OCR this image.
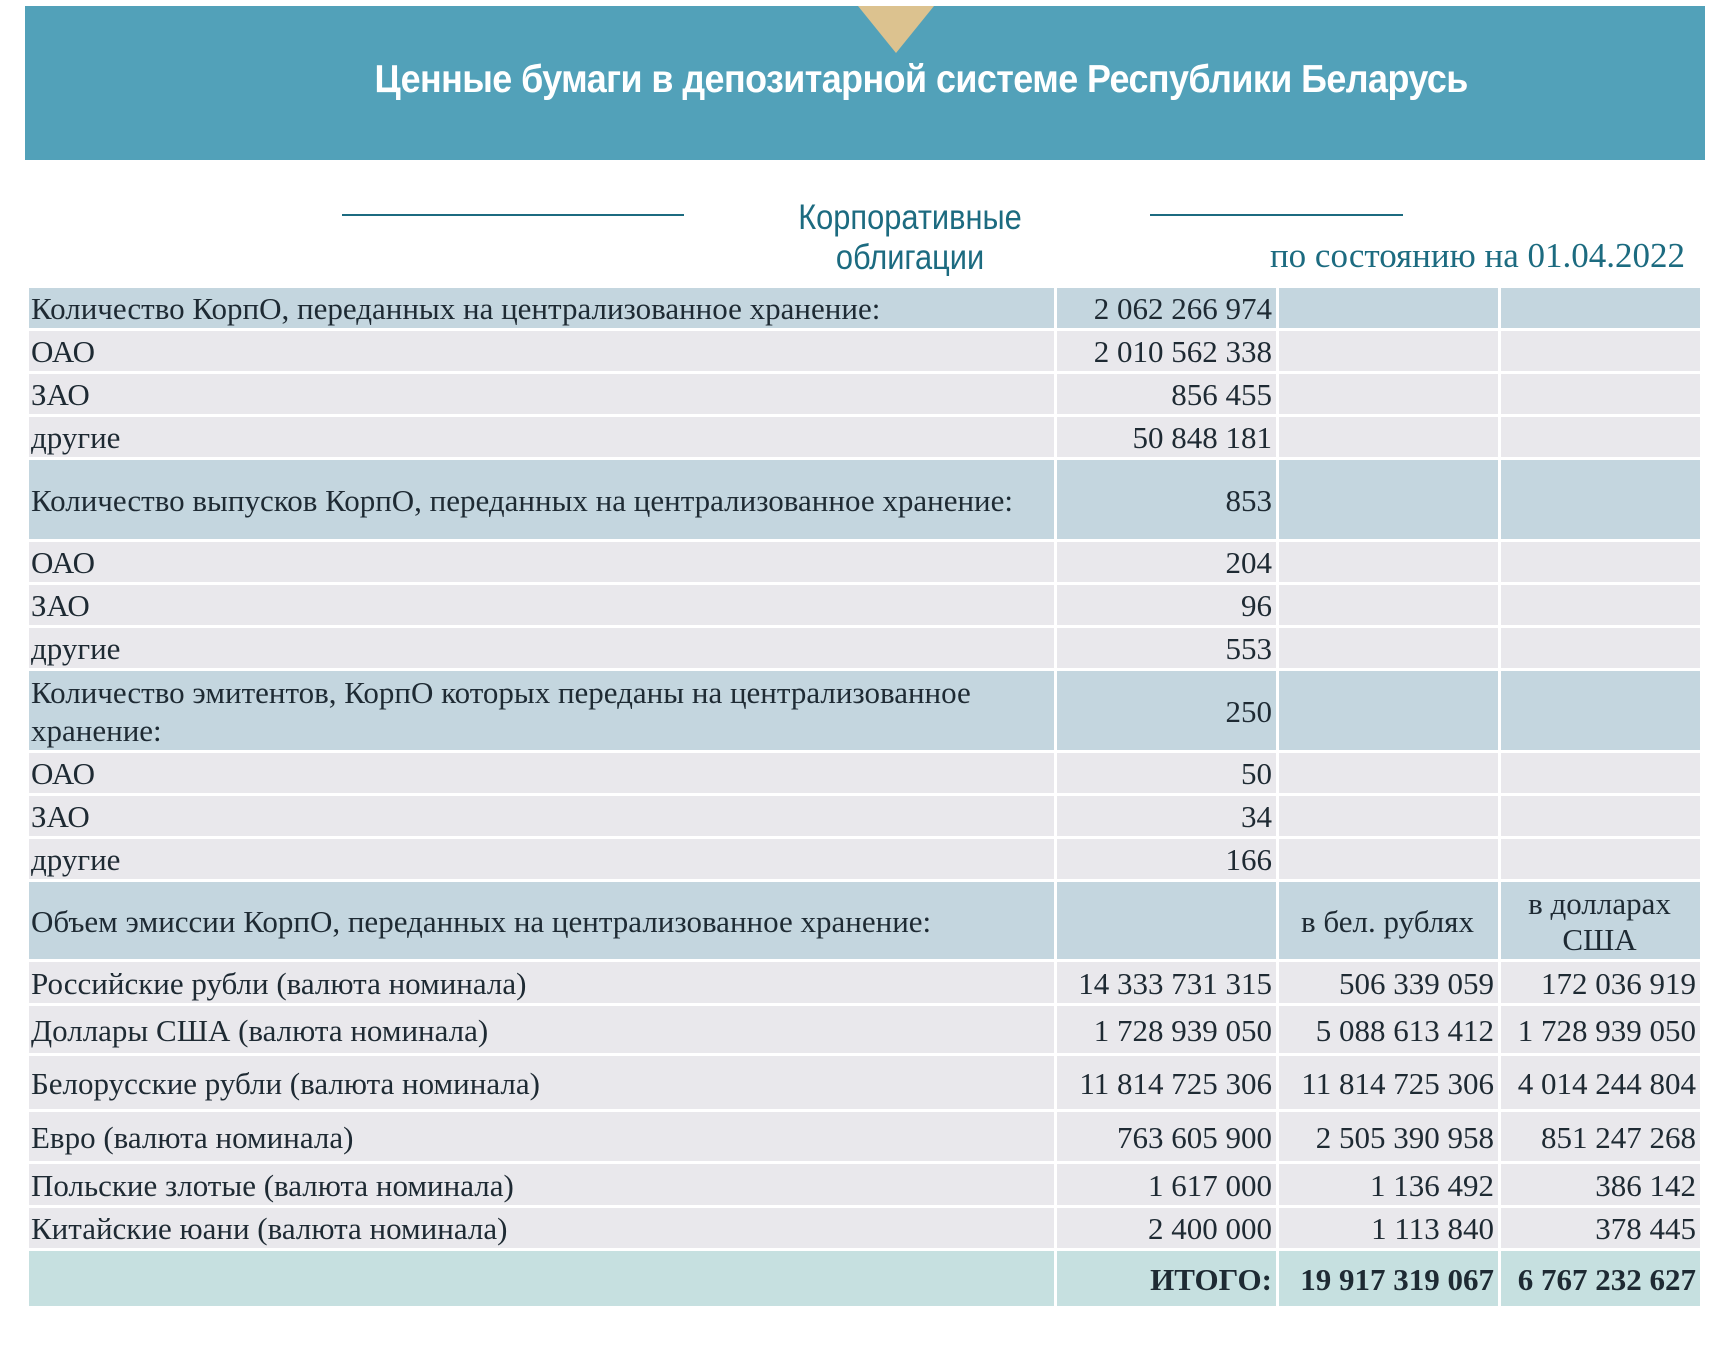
Ценные бумаги в депозитарной системе Республики Беларусь
Корпоративные облигации	по состоянию на 01.04.2022
Количество КорпО, переданных на централизованное хранение:	2 062 266 974		
ОАО	2 010 562 338		
ЗАО	856 455		
другие	50 848 181		
Количество выпусков КорпО, переданных на централизованное хранение:	853		
ОАО	204		
ЗАО	96		
другие	553		
Количество эмитентов, КорпО которых переданы на централизованное хранение:	250		
ОАО	50		
ЗАО	34		
другие	166		
Объем эмиссии КорпО, переданных на централизованное хранение:		в бел. рублях	в долларах США
Российские рубли (валюта номинала)	14 333 731 315	506 339 059	172 036 919
Доллары США (валюта номинала)	1 728 939 050	5 088 613 412	1 728 939 050
Белорусские рубли (валюта номинала)	11 814 725 306	11 814 725 306	4 014 244 804
Евро (валюта номинала)	763 605 900	2 505 390 958	851 247 268
Польские злотые (валюта номинала)	1 617 000	1 136 492	386 142
Китайские юани (валюта номинала)	2 400 000	1 113 840	378 445
	ИТОГО:	19 917 319 067	6 767 232 627
